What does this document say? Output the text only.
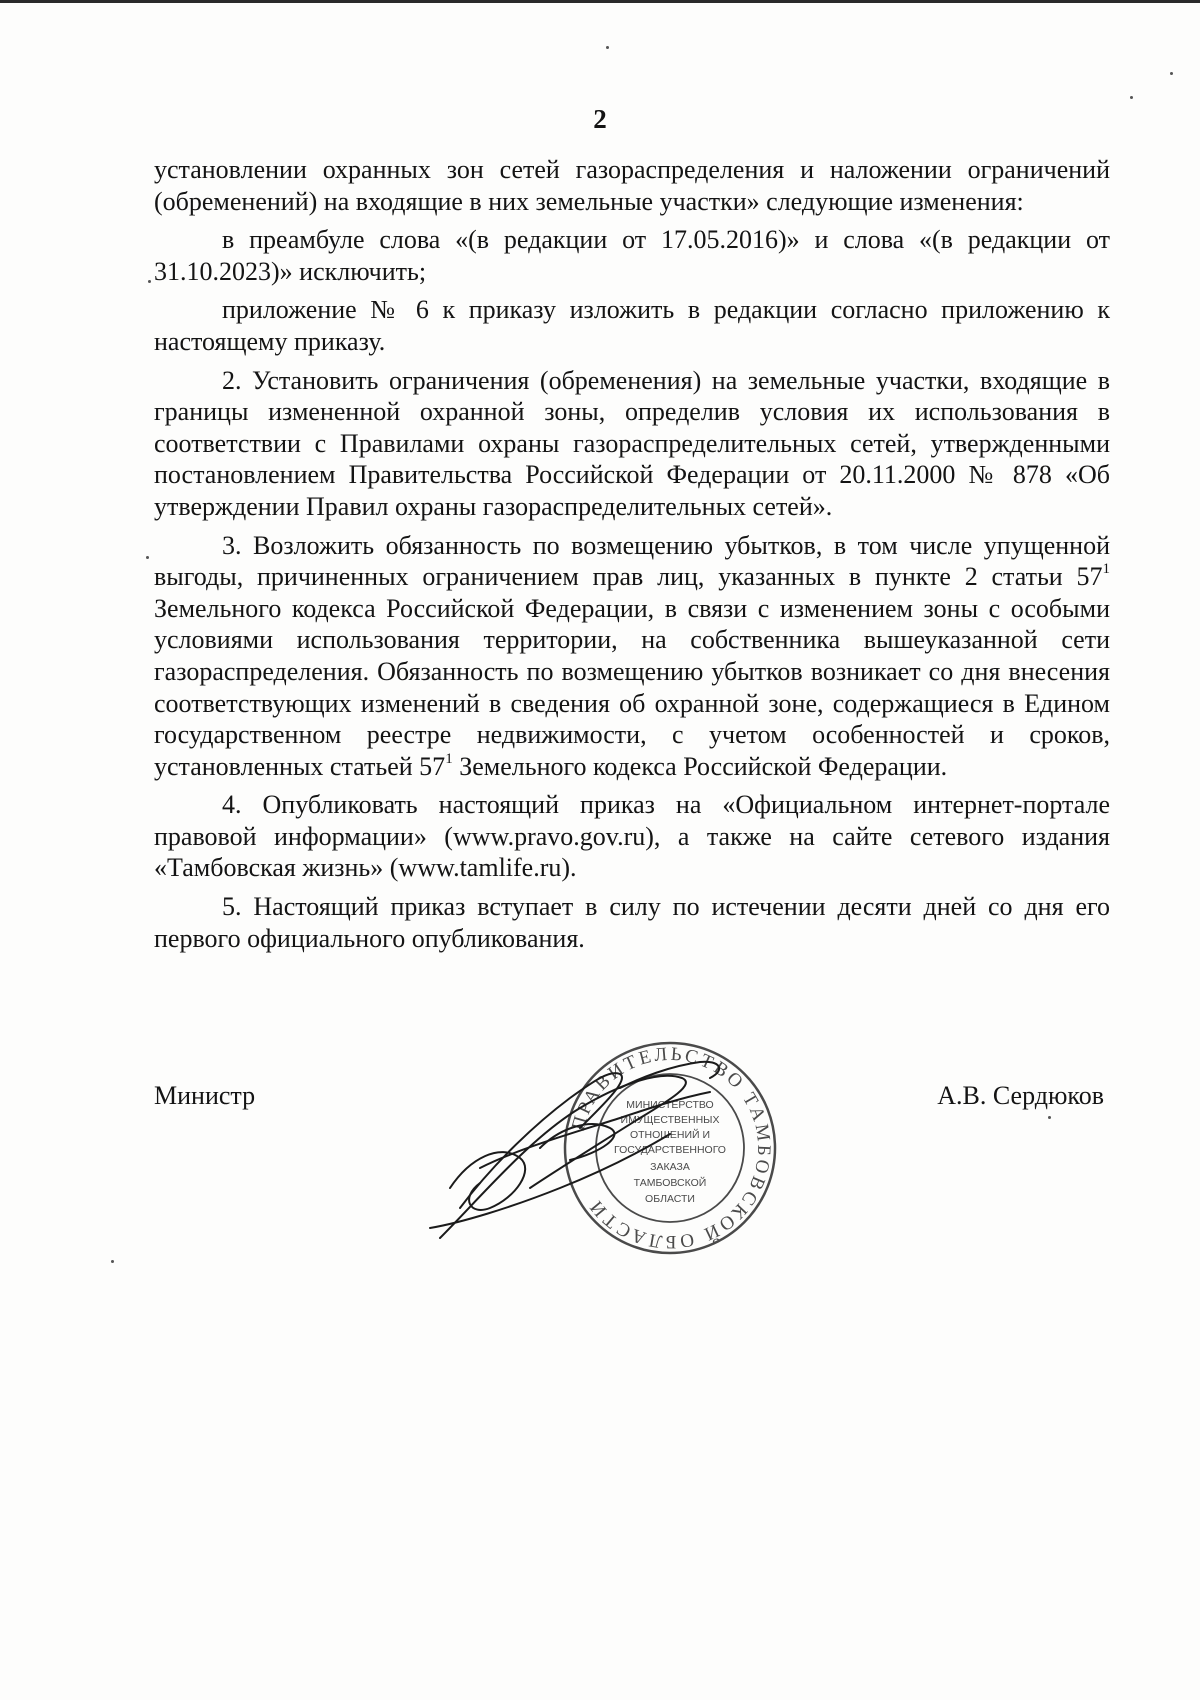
2

установлении охранных зон сетей газораспределения и наложении ограничений (обременений) на входящие в них земельные участки» следующие изменения:

в преамбуле слова «(в редакции от 17.05.2016)» и слова «(в редакции от 31.10.2023)» исключить;

приложение № 6 к приказу изложить в редакции согласно приложению к настоящему приказу.

2. Установить ограничения (обременения) на земельные участки, входящие в границы измененной охранной зоны, определив условия их использования в соответствии с Правилами охраны газораспределительных сетей, утвержденными постановлением Правительства Российской Федерации от 20.11.2000 № 878 «Об утверждении Правил охраны газораспределительных сетей».

3. Возложить обязанность по возмещению убытков, в том числе упущенной выгоды, причиненных ограничением прав лиц, указанных в пункте 2 статьи $57^1$ Земельного кодекса Российской Федерации, в связи с изменением зоны с особыми условиями использования территории, на собственника вышеуказанной сети газораспределения. Обязанность по возмещению убытков возникает со дня внесения соответствующих изменений в сведения об охранной зоне, содержащиеся в Едином государственном реестре недвижимости, с учетом особенностей и сроков, установленных статьей $57^1$ Земельного кодекса Российской Федерации.

4. Опубликовать настоящий приказ на «Официальном интернет-портале правовой информации» (www.pravo.gov.ru), а также на сайте сетевого издания «Тамбовская жизнь» (www.tamlife.ru).

5. Настоящий приказ вступает в силу по истечении десяти дней со дня его первого официального опубликования.

Министр	А.В. Сердюков
ПРАВИТЕЛЬСТВО ТАМБОВСКОЙ ОБЛАСТИ
МИНИСТЕРСТВО
ИМУЩЕСТВЕННЫХ
ОТНОШЕНИЙ И
ГОСУДАРСТВЕННОГО
ЗАКАЗА
ТАМБОВСКОЙ
ОБЛАСТИ
